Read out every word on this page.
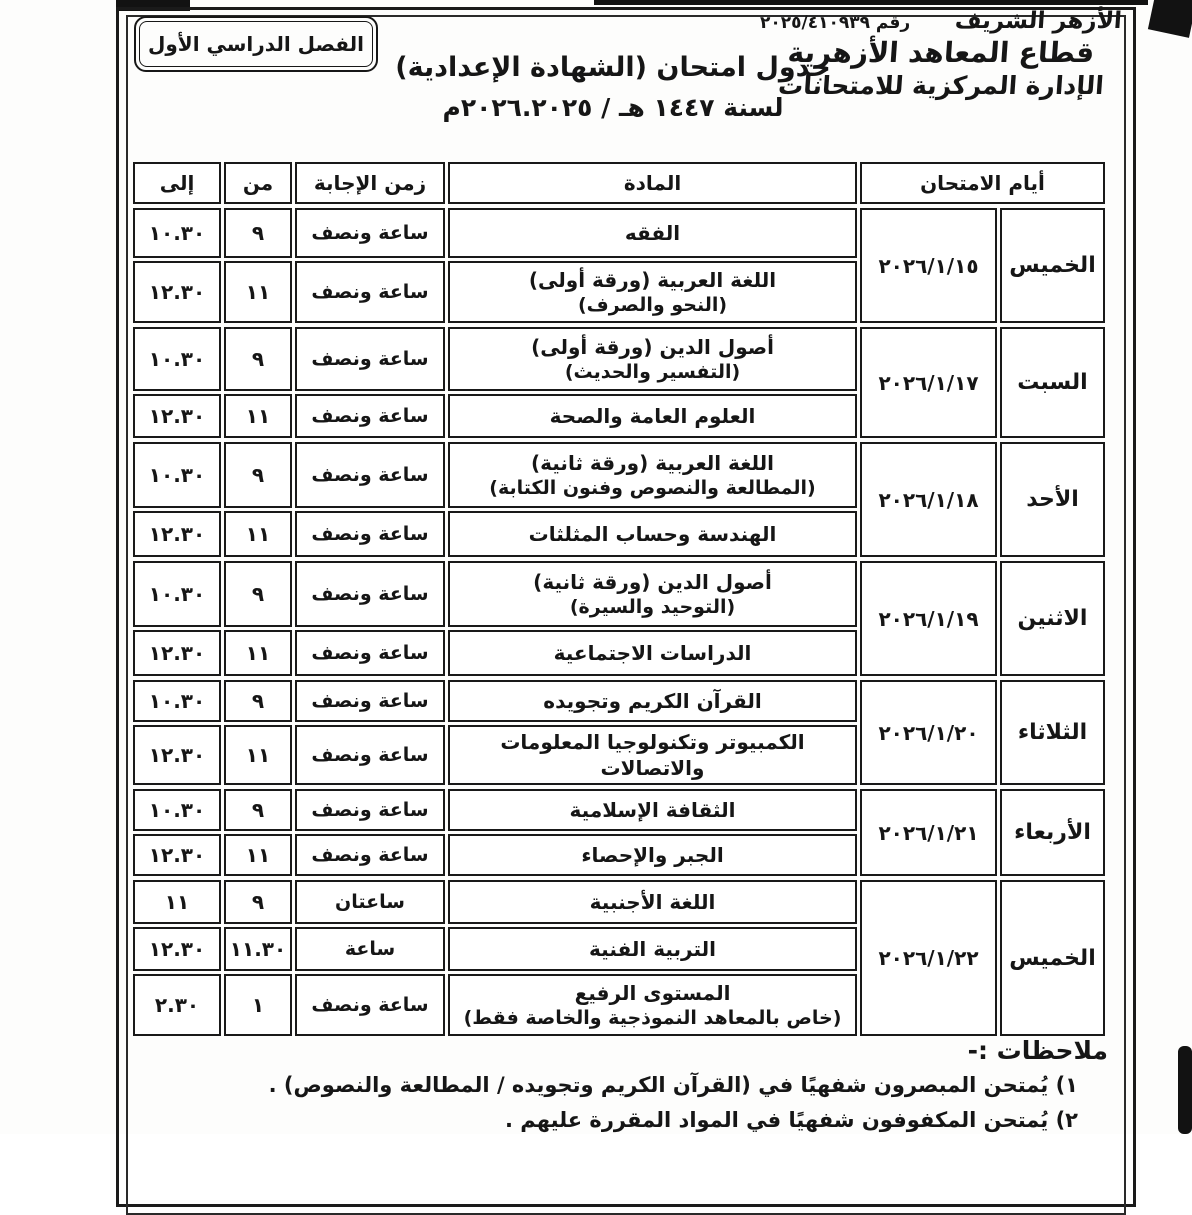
الفصل الدراسي الأول
الأزهر الشريف
رقم ٢٠٢٥/٤١٠٩٣٩
قطاع المعاهد الأزهرية
الإدارة المركزية للامتحانات
جدول امتحان (الشهادة الإعدادية)
لسنة ١٤٤٧ هـ / ٢٠٢٦.٢٠٢٥م
أيام الامتحان
المادة
زمن الإجابة
من
إلى
الخميس
٢٠٢٦/١/١٥
الفقه
ساعة ونصف
٩
١٠.٣٠
اللغة العربية (ورقة أولى)
(النحو والصرف)
ساعة ونصف
١١
١٢.٣٠
السبت
٢٠٢٦/١/١٧
أصول الدين (ورقة أولى)
(التفسير والحديث)
ساعة ونصف
٩
١٠.٣٠
العلوم العامة والصحة
ساعة ونصف
١١
١٢.٣٠
الأحد
٢٠٢٦/١/١٨
اللغة العربية (ورقة ثانية)
(المطالعة والنصوص وفنون الكتابة)
ساعة ونصف
٩
١٠.٣٠
الهندسة وحساب المثلثات
ساعة ونصف
١١
١٢.٣٠
الاثنين
٢٠٢٦/١/١٩
أصول الدين (ورقة ثانية)
(التوحيد والسيرة)
ساعة ونصف
٩
١٠.٣٠
الدراسات الاجتماعية
ساعة ونصف
١١
١٢.٣٠
الثلاثاء
٢٠٢٦/١/٢٠
القرآن الكريم وتجويده
ساعة ونصف
٩
١٠.٣٠
الكمبيوتر وتكنولوجيا المعلومات والاتصالات
ساعة ونصف
١١
١٢.٣٠
الأربعاء
٢٠٢٦/١/٢١
الثقافة الإسلامية
ساعة ونصف
٩
١٠.٣٠
الجبر والإحصاء
ساعة ونصف
١١
١٢.٣٠
الخميس
٢٠٢٦/١/٢٢
اللغة الأجنبية
ساعتان
٩
١١
التربية الفنية
ساعة
١١.٣٠
١٢.٣٠
المستوى الرفيع
(خاص بالمعاهد النموذجية والخاصة فقط)
ساعة ونصف
١
٢.٣٠
ملاحظات :-
١) يُمتحن المبصرون شفهيًا في (القرآن الكريم وتجويده / المطالعة والنصوص) .
٢) يُمتحن المكفوفون شفهيًا في المواد المقررة عليهم .
